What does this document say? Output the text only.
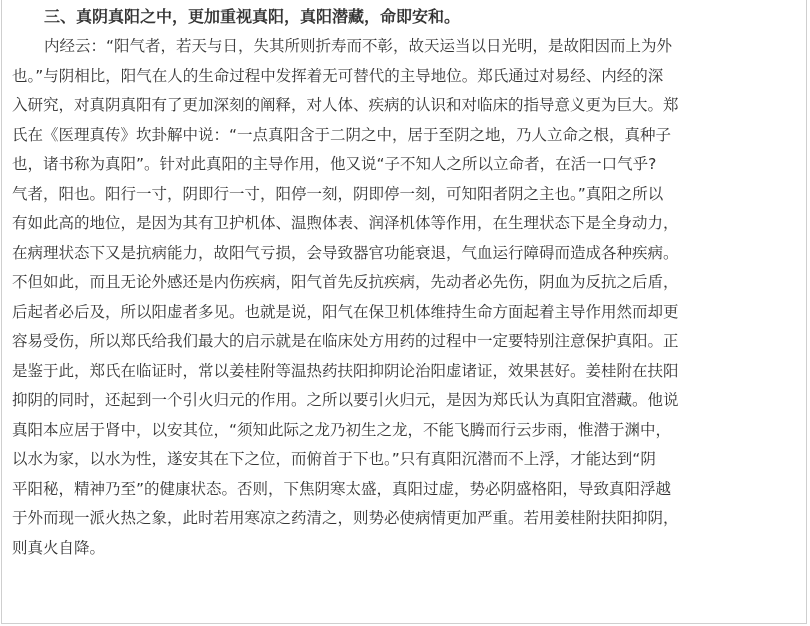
三、真阴真阳之中，更加重视真阳，真阳潜藏，命即安和。
内经云：“阳气者，若天与日，失其所则折寿而不彰，故天运当以日光明，是故阳因而上为外
也。”与阴相比，阳气在人的生命过程中发挥着无可替代的主导地位。郑氏通过对易经、内经的深
入研究，对真阴真阳有了更加深刻的阐释，对人体、疾病的认识和对临床的指导意义更为巨大。郑
氏在《医理真传》坎卦解中说：“一点真阳含于二阴之中，居于至阴之地，乃人立命之根，真种子
也，诸书称为真阳”。针对此真阳的主导作用，他又说“子不知人之所以立命者，在活一口气乎?
气者，阳也。阳行一寸，阴即行一寸，阳停一刻，阴即停一刻，可知阳者阴之主也。”真阳之所以
有如此高的地位，是因为其有卫护机体、温煦体表、润泽机体等作用，在生理状态下是全身动力，
在病理状态下又是抗病能力，故阳气亏损，会导致器官功能衰退，气血运行障碍而造成各种疾病。
不但如此，而且无论外感还是内伤疾病，阳气首先反抗疾病，先动者必先伤，阴血为反抗之后盾，
后起者必后及，所以阳虚者多见。也就是说，阳气在保卫机体维持生命方面起着主导作用然而却更
容易受伤，所以郑氏给我们最大的启示就是在临床处方用药的过程中一定要特别注意保护真阳。正
是鉴于此，郑氏在临证时，常以姜桂附等温热药扶阳抑阴论治阳虚诸证，效果甚好。姜桂附在扶阳
抑阴的同时，还起到一个引火归元的作用。之所以要引火归元，是因为郑氏认为真阳宜潜藏。他说
真阳本应居于肾中，以安其位，“须知此际之龙乃初生之龙，不能飞腾而行云步雨，惟潜于渊中，
以水为家，以水为性，遂安其在下之位，而俯首于下也。”只有真阳沉潜而不上浮，才能达到“阴
平阳秘，精神乃至”的健康状态。否则，下焦阴寒太盛，真阳过虚，势必阴盛格阳，导致真阳浮越
于外而现一派火热之象，此时若用寒凉之药清之，则势必使病情更加严重。若用姜桂附扶阳抑阴，
则真火自降。
